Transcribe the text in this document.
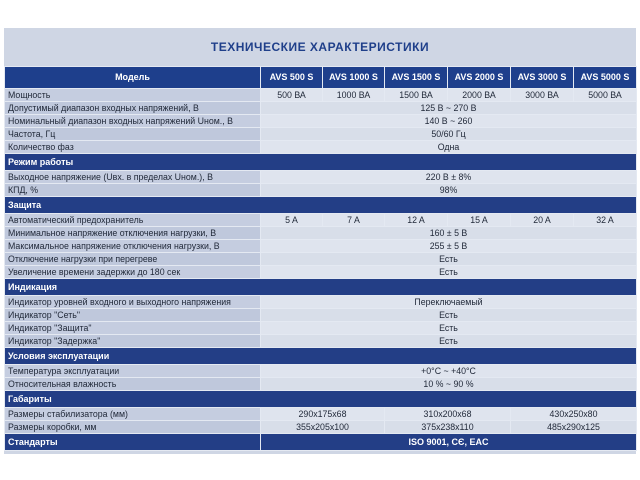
ТЕХНИЧЕСКИЕ ХАРАКТЕРИСТИКИ
Модель	AVS 500 S	AVS 1000 S	AVS 1500 S	AVS 2000 S	AVS 3000 S	AVS 5000 S
Мощность	500 ВА	1000 ВА	1500 ВА	2000 ВА	3000 ВА	5000 ВА
Допустимый диапазон входных напряжений, В	125 В ~ 270 В					
Номинальный диапазон входных напряжений Uном., В	140 В ~ 260					
Частота, Гц	50/60 Гц					
Количество фаз	Одна					
Режим работы						
Выходное напряжение (Uвх. в пределах Uном.), В	220 В ± 8%					
КПД, %	98%					
Защита						
Автоматический предохранитель	5 A	7 A	12 A	15 A	20 A	32 A
Минимальное напряжение отключения нагрузки, В	160 ± 5 В					
Максимальное напряжение отключения нагрузки, В	255 ± 5 В					
Отключение нагрузки при перегреве	Есть					
Увеличение времени задержки до 180 сек	Есть					
Индикация						
Индикатор уровней входного и выходного напряжения	Переключаемый					
Индикатор "Сеть"	Есть					
Индикатор "Защита"	Есть					
Индикатор "Задержка"	Есть					
Условия эксплуатации						
Температура эксплуатации	+0°С ~ +40°С					
Относительная влажность	10 % ~ 90 %					
Габариты						
Размеры стабилизатора (мм)	290x175x68		310x200x68		430x250x80	
Размеры коробки, мм	355x205x100		375x238x110		485x290x125	
Стандарты	ISO 9001, CЄ, EAC					
